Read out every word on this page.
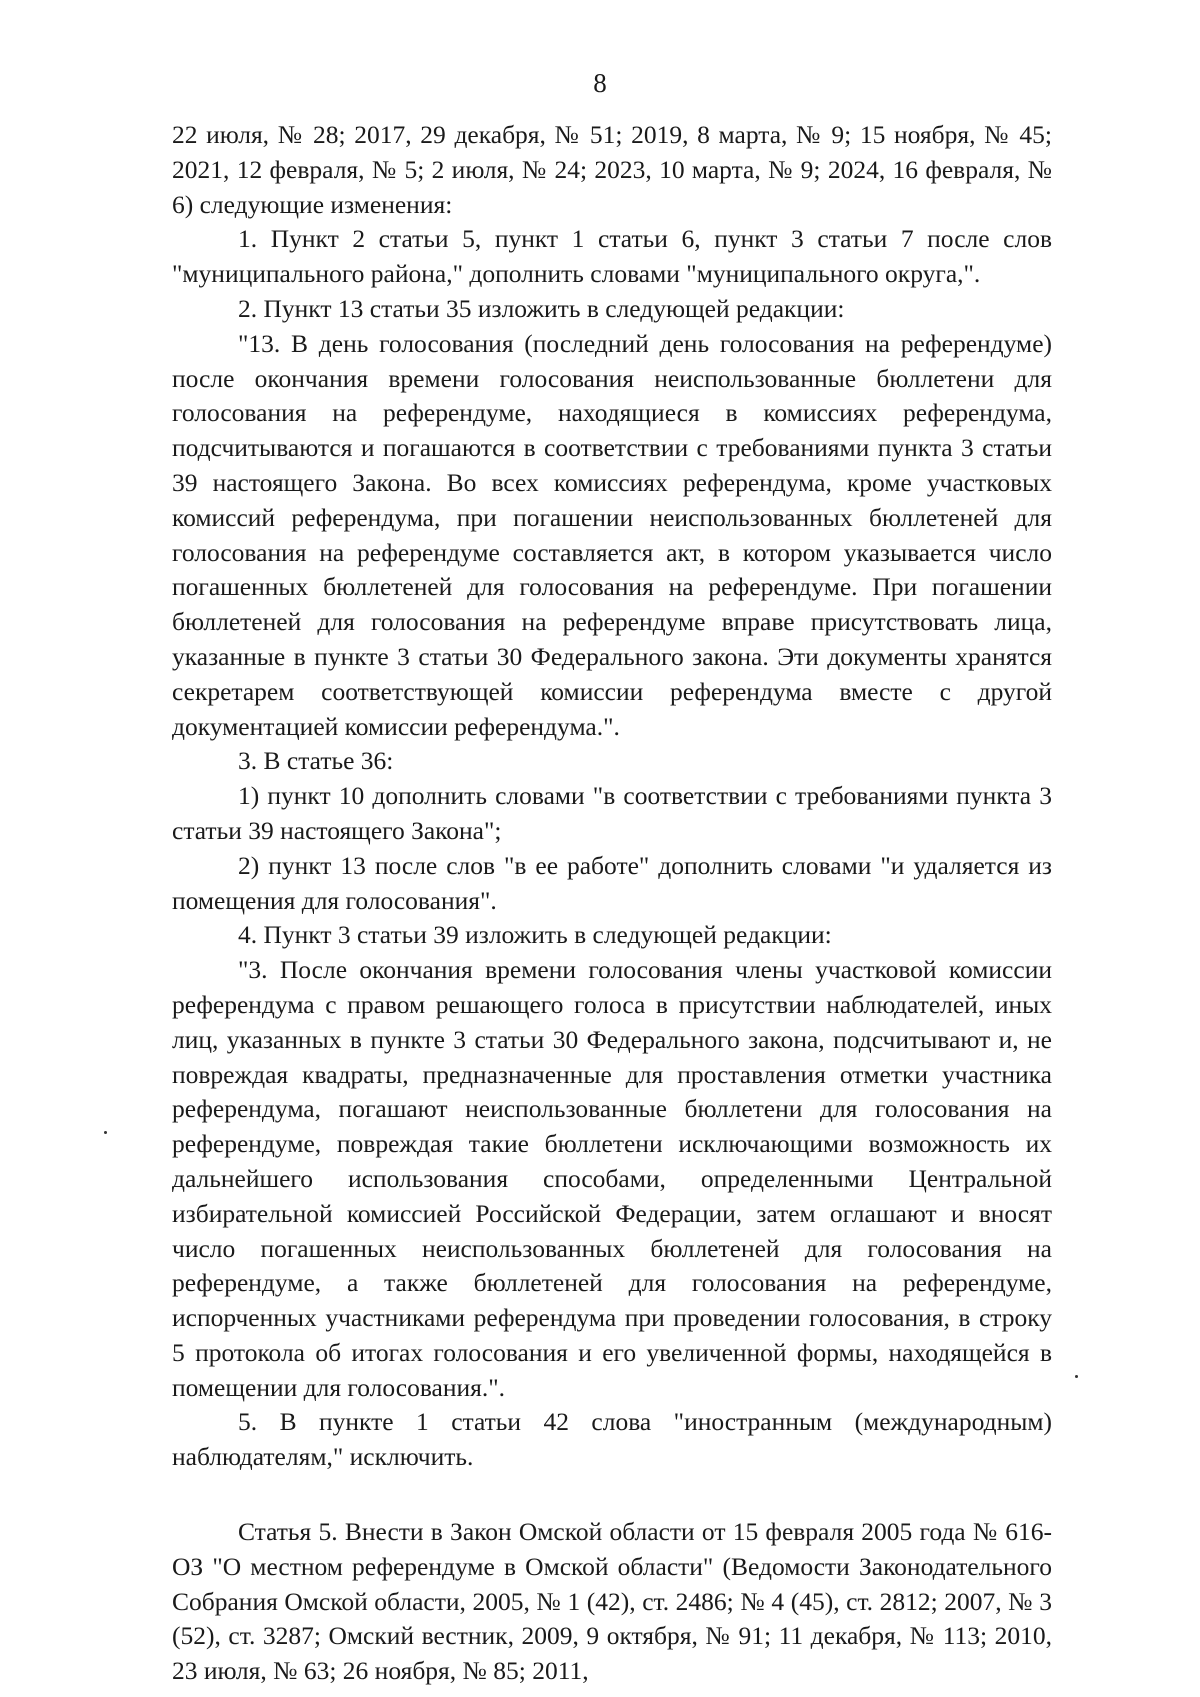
8

22 июля, № 28; 2017, 29 декабря, № 51; 2019, 8 марта, № 9; 15 ноября, № 45; 2021, 12 февраля, № 5; 2 июля, № 24; 2023, 10 марта, № 9; 2024, 16 февраля, № 6) следующие изменения:

1. Пункт 2 статьи 5, пункт 1 статьи 6, пункт 3 статьи 7 после слов "муниципального района," дополнить словами "муниципального округа,".

2. Пункт 13 статьи 35 изложить в следующей редакции:

"13. В день голосования (последний день голосования на референдуме) после окончания времени голосования неиспользованные бюллетени для голосования на референдуме, находящиеся в комиссиях референдума, подсчитываются и погашаются в соответствии с требованиями пункта 3 статьи 39 настоящего Закона. Во всех комиссиях референдума, кроме участковых комиссий референдума, при погашении неиспользованных бюллетеней для голосования на референдуме составляется акт, в котором указывается число погашенных бюллетеней для голосования на референдуме. При погашении бюллетеней для голосования на референдуме вправе присутствовать лица, указанные в пункте 3 статьи 30 Федерального закона. Эти документы хранятся секретарем соответствующей комиссии референдума вместе с другой документацией комиссии референдума.".

3. В статье 36:

1) пункт 10 дополнить словами "в соответствии с требованиями пункта 3 статьи 39 настоящего Закона";

2) пункт 13 после слов "в ее работе" дополнить словами "и удаляется из помещения для голосования".

4. Пункт 3 статьи 39 изложить в следующей редакции:

"3. После окончания времени голосования члены участковой комиссии референдума с правом решающего голоса в присутствии наблюдателей, иных лиц, указанных в пункте 3 статьи 30 Федерального закона, подсчитывают и, не повреждая квадраты, предназначенные для проставления отметки участника референдума, погашают неиспользованные бюллетени для голосования на референдуме, повреждая такие бюллетени исключающими возможность их дальнейшего использования способами, определенными Центральной избирательной комиссией Российской Федерации, затем оглашают и вносят число погашенных неиспользованных бюллетеней для голосования на референдуме, а также бюллетеней для голосования на референдуме, испорченных участниками референдума при проведении голосования, в строку 5 протокола об итогах голосования и его увеличенной формы, находящейся в помещении для голосования.".

5. В пункте 1 статьи 42 слова "иностранным (международным) наблюдателям," исключить.

Статья 5. Внести в Закон Омской области от 15 февраля 2005 года № 616-ОЗ "О местном референдуме в Омской области" (Ведомости Законодательного Собрания Омской области, 2005, № 1 (42), ст. 2486; № 4 (45), ст. 2812; 2007, № 3 (52), ст. 3287; Омский вестник, 2009, 9 октября, № 91; 11 декабря, № 113; 2010, 23 июля, № 63; 26 ноября, № 85; 2011,
